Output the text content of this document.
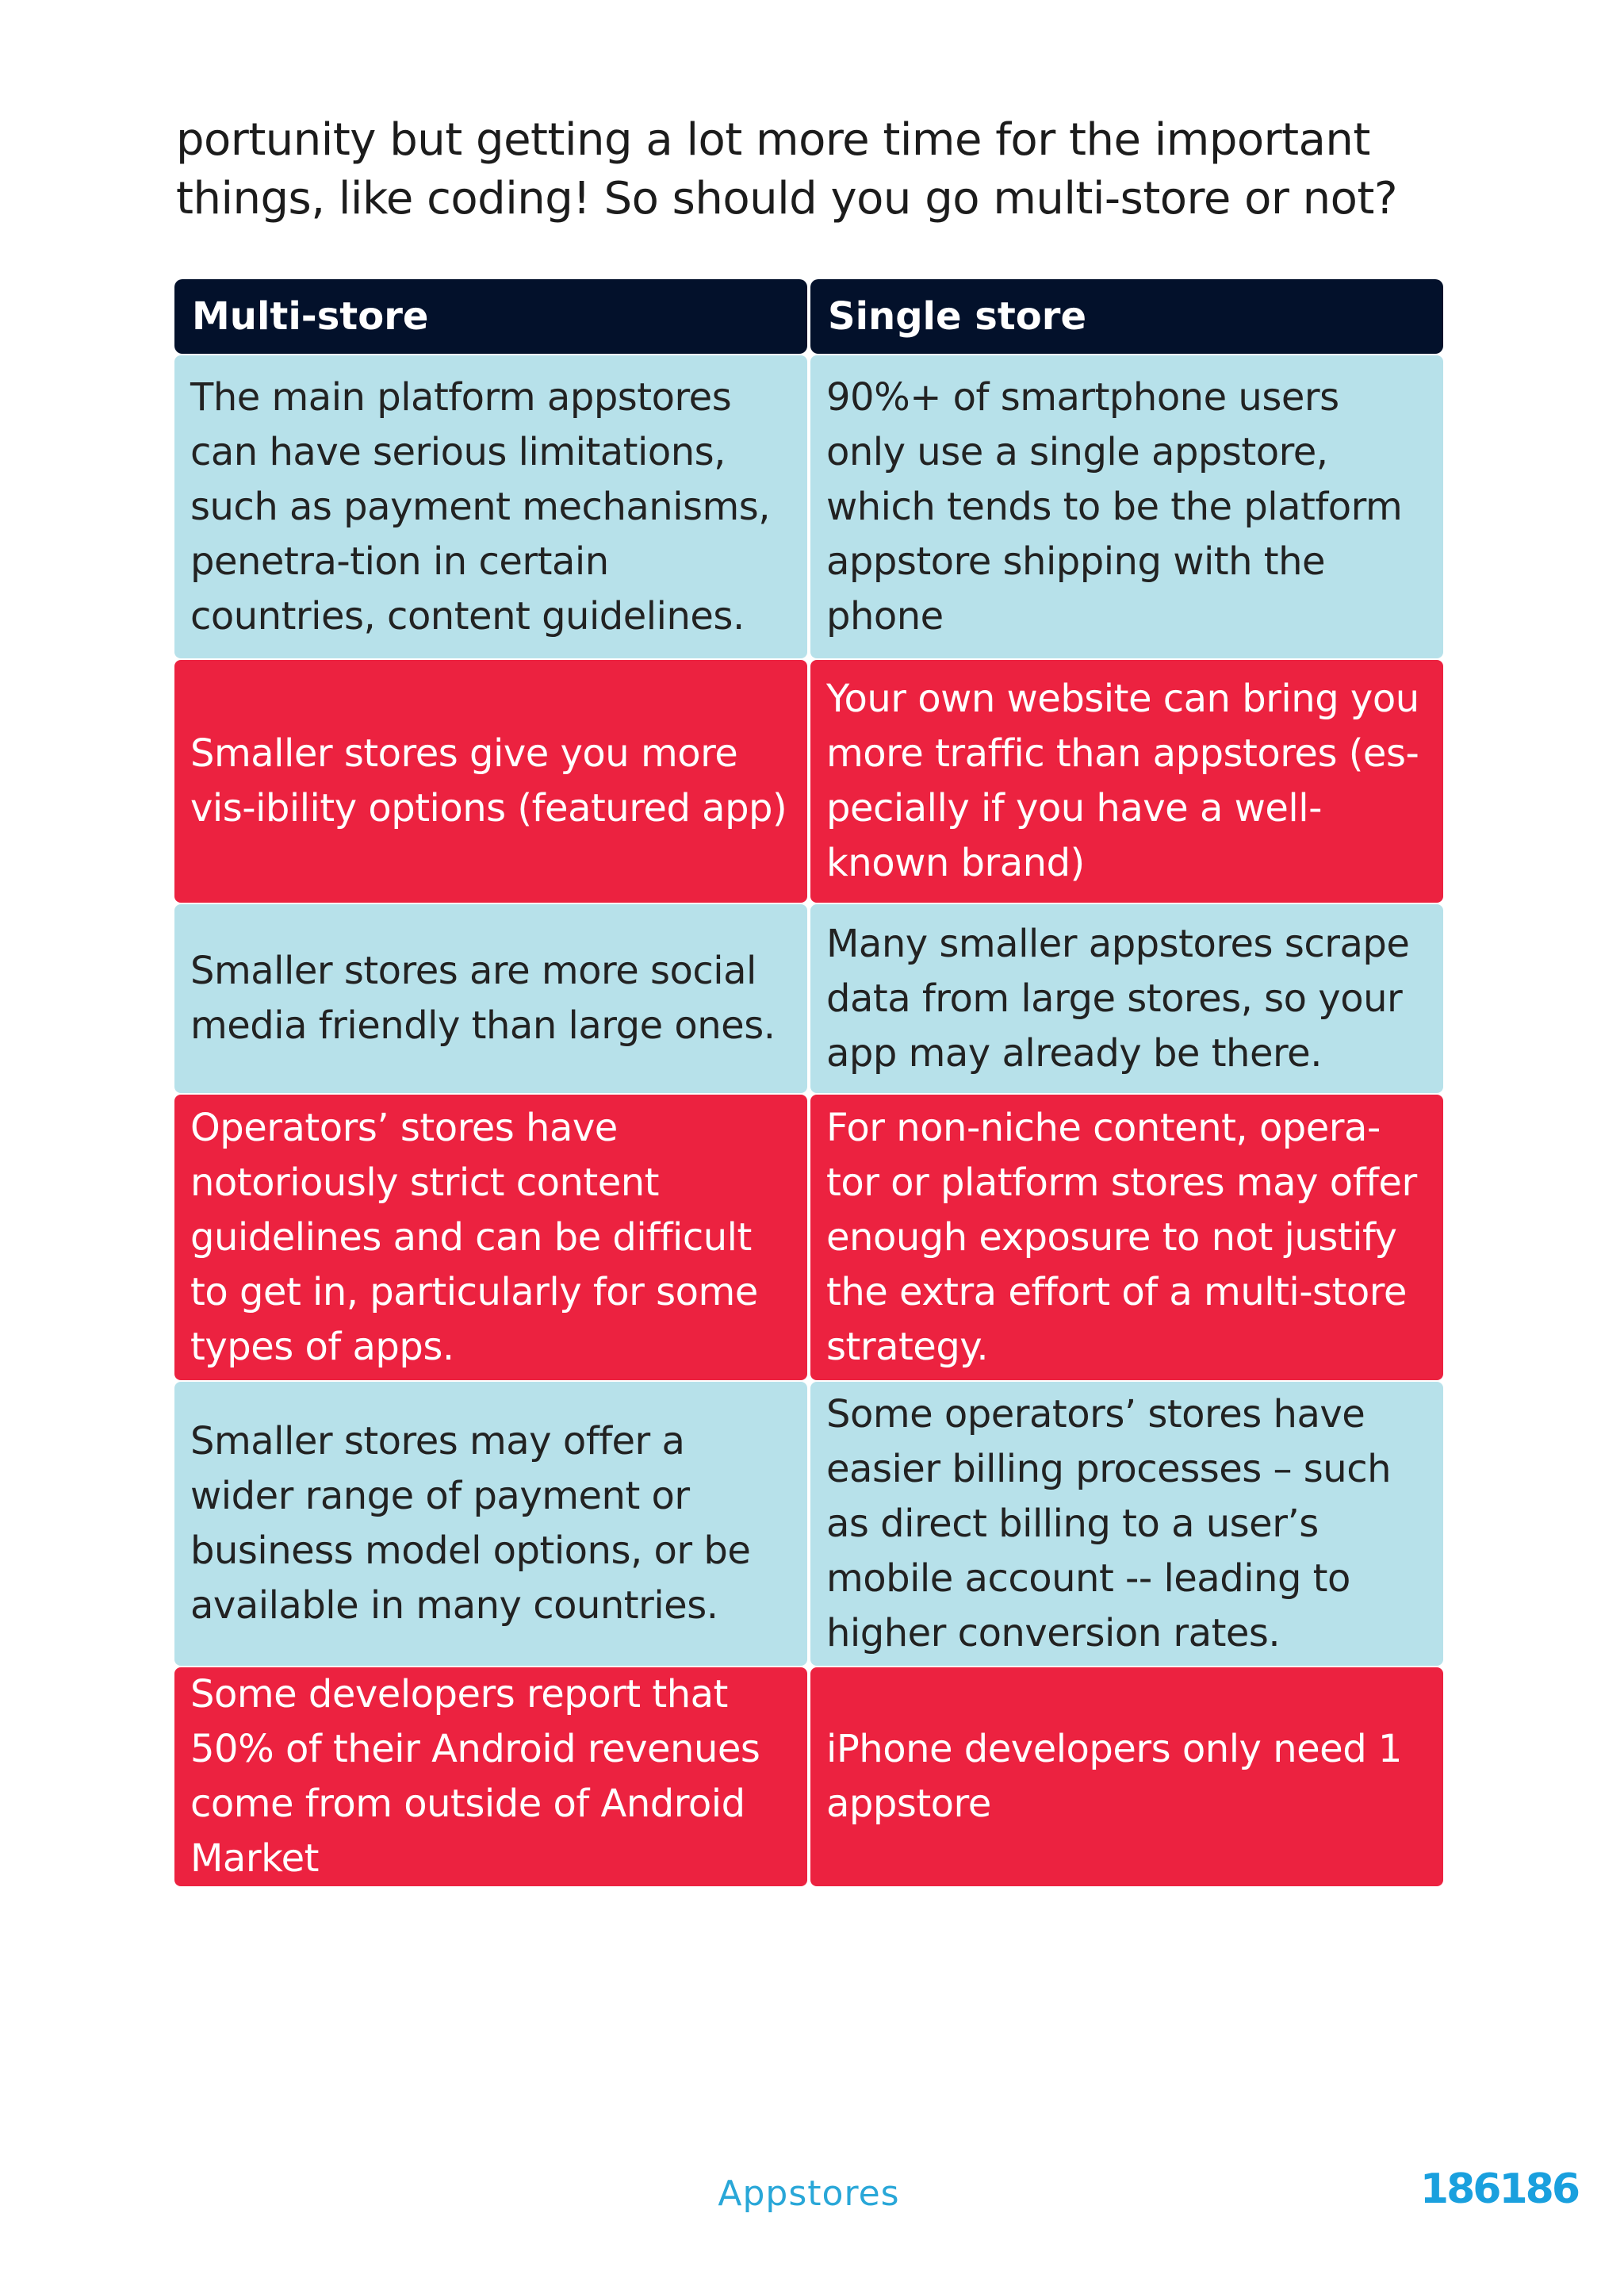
portunity but getting a lot more time for the important things, like coding! So should you go multi-store or not?

Multi-store	Single store
The main platform appstores can have serious limitations, such as payment mechanisms, penetra-tion in certain countries, content guidelines.	90%+ of smartphone users only use a single appstore, which tends to be the platform appstore shipping with the phone
Smaller stores give you more vis-ibility options (featured app)	Your own website can bring you more traffic than appstores (es-pecially if you have a well-known brand)
Smaller stores are more social media friendly than large ones.	Many smaller appstores scrape data from large stores, so your app may already be there.
Operators’ stores have notoriously strict content guidelines and can be difficult to get in, particularly for some types of apps.	For non-niche content, opera-tor or platform stores may offer enough exposure to not justify the extra effort of a multi-store strategy.
Smaller stores may offer a wider range of payment or business model options, or be available in many countries.	Some operators’ stores have easier billing processes – such as direct billing to a user’s mobile account -- leading to higher conversion rates.
Some developers report that 50% of their Android revenues come from outside of Android Market	iPhone developers only need 1 appstore
Appstores	186186
